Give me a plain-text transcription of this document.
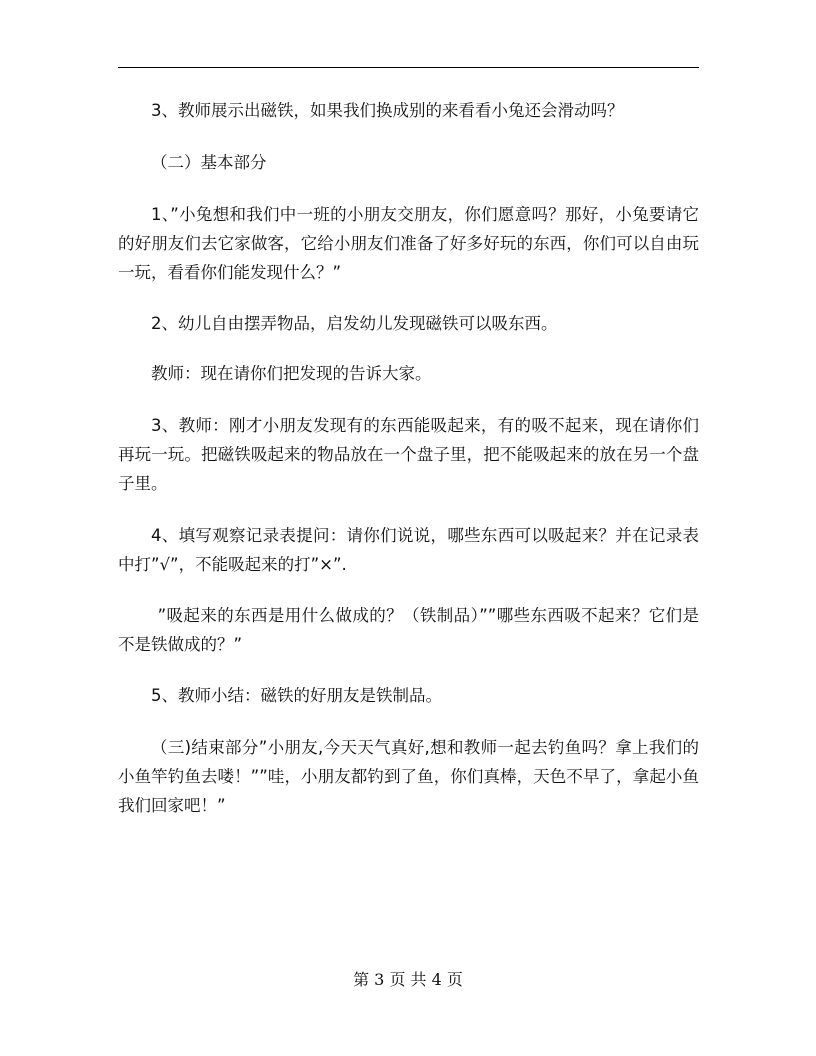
3、教师展示出磁铁，如果我们换成别的来看看小兔还会滑动吗？

（二）基本部分

1、”小兔想和我们中一班的小朋友交朋友，你们愿意吗？那好，小兔要请它的好朋友们去它家做客，它给小朋友们准备了好多好玩的东西，你们可以自由玩一玩，看看你们能发现什么？”

2、幼儿自由摆弄物品，启发幼儿发现磁铁可以吸东西。

教师：现在请你们把发现的告诉大家。

3、教师：刚才小朋友发现有的东西能吸起来，有的吸不起来，现在请你们再玩一玩。把磁铁吸起来的物品放在一个盘子里，把不能吸起来的放在另一个盘子里。

4、填写观察记录表提问：请你们说说，哪些东西可以吸起来？并在记录表中打”√”，不能吸起来的打”×”.

”吸起来的东西是用什么做成的？（铁制品）””哪些东西吸不起来？它们是不是铁做成的？”

5、教师小结：磁铁的好朋友是铁制品。

（三)结束部分”小朋友,今天天气真好,想和教师一起去钓鱼吗？拿上我们的小鱼竿钓鱼去喽！””哇，小朋友都钓到了鱼，你们真棒，天色不早了，拿起小鱼我们回家吧！”

第 3 页 共 4 页
